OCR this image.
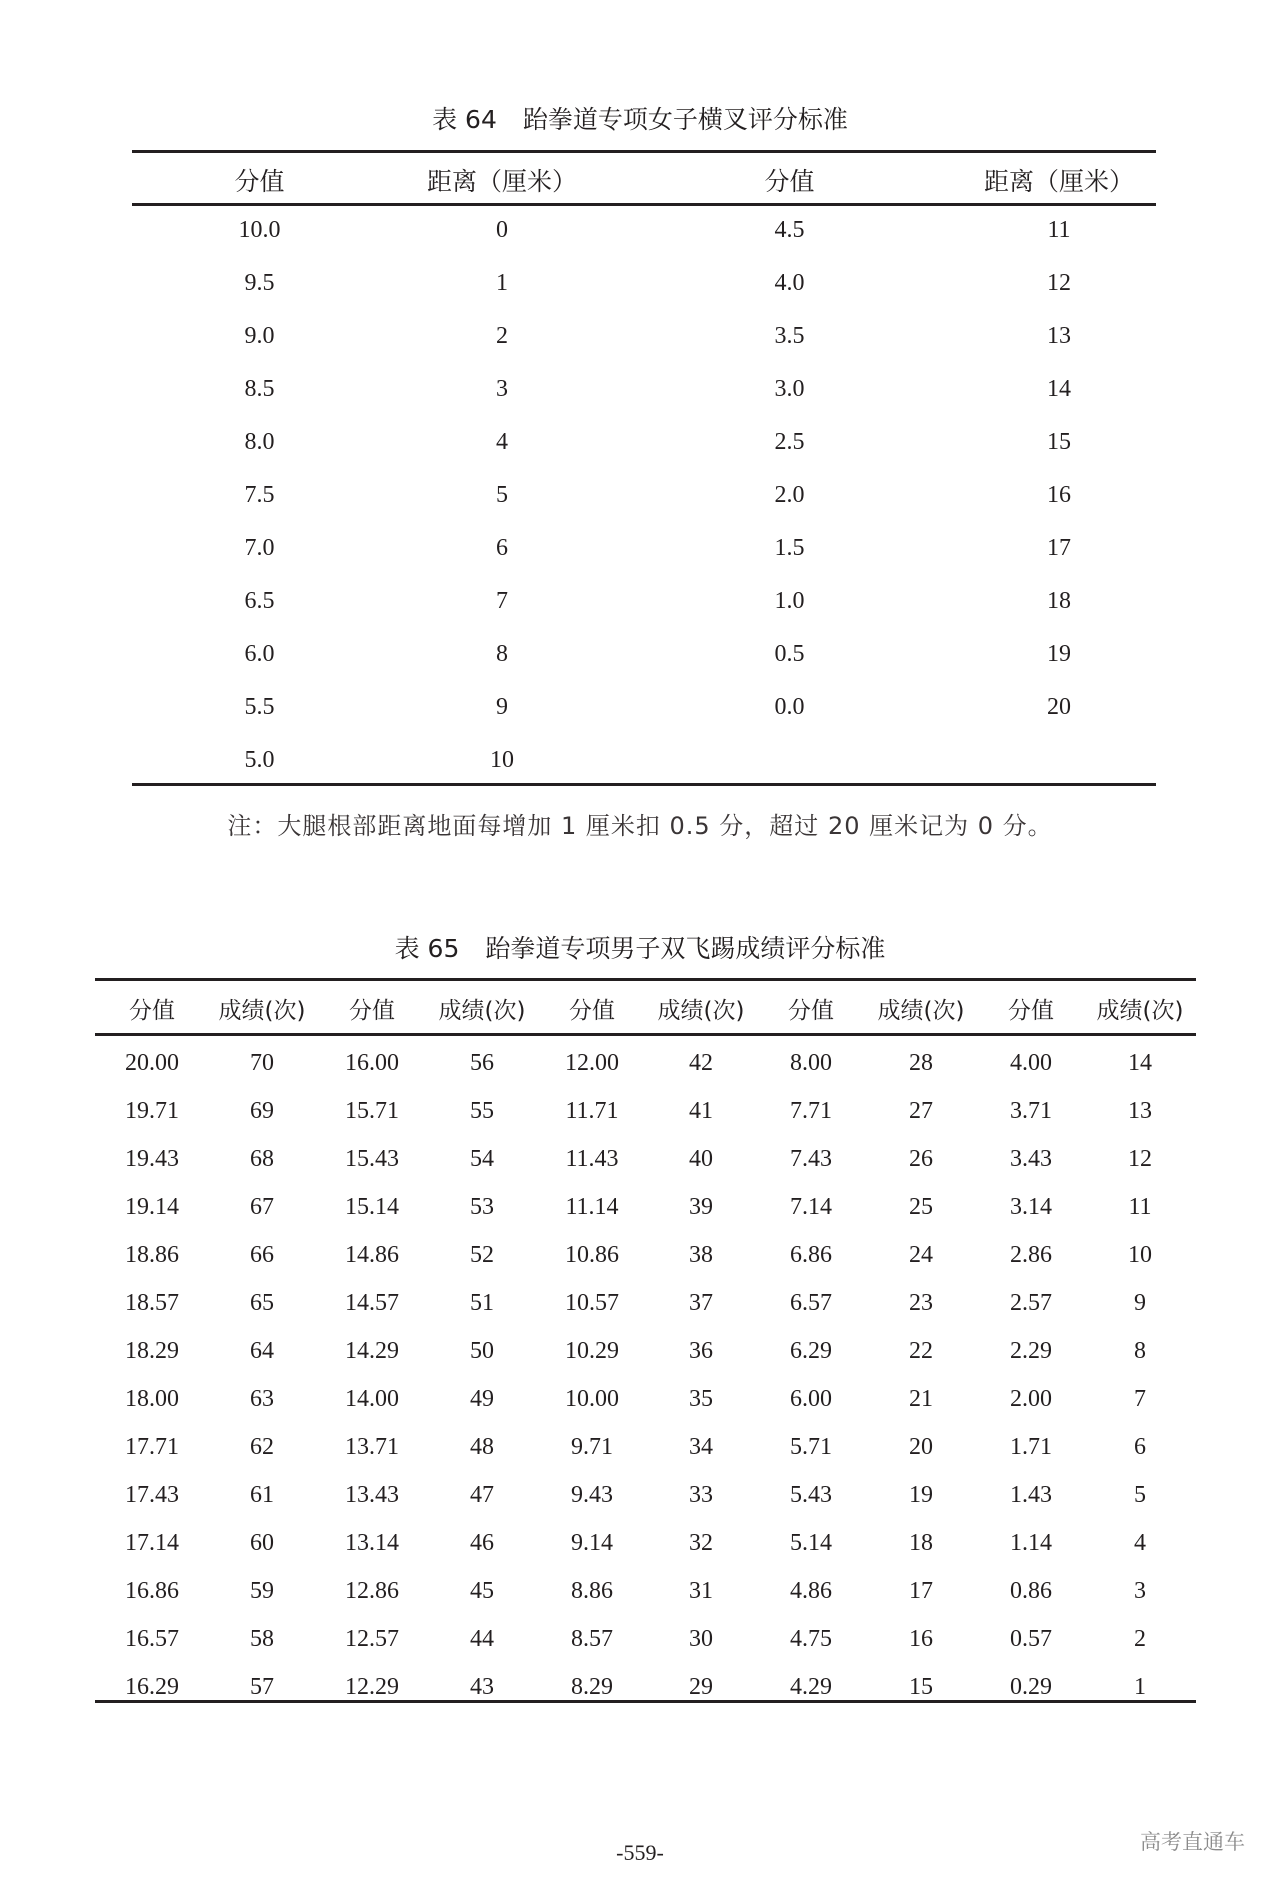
表 64 跆拳道专项女子横叉评分标准
分值	距离（厘米）	分值	距离（厘米）
10.0	0	4.5	11
9.5	1	4.0	12
9.0	2	3.5	13
8.5	3	3.0	14
8.0	4	2.5	15
7.5	5	2.0	16
7.0	6	1.5	17
6.5	7	1.0	18
6.0	8	0.5	19
5.5	9	0.0	20
5.0	10
注：大腿根部距离地面每增加 1 厘米扣 0.5 分，超过 20 厘米记为 0 分。
表 65 跆拳道专项男子双飞踢成绩评分标准
分值	成绩(次)	分值	成绩(次)	分值	成绩(次)	分值	成绩(次)	分值	成绩(次)
20.00	70	16.00	56	12.00	42	8.00	28	4.00	14
19.71	69	15.71	55	11.71	41	7.71	27	3.71	13
19.43	68	15.43	54	11.43	40	7.43	26	3.43	12
19.14	67	15.14	53	11.14	39	7.14	25	3.14	11
18.86	66	14.86	52	10.86	38	6.86	24	2.86	10
18.57	65	14.57	51	10.57	37	6.57	23	2.57	9
18.29	64	14.29	50	10.29	36	6.29	22	2.29	8
18.00	63	14.00	49	10.00	35	6.00	21	2.00	7
17.71	62	13.71	48	9.71	34	5.71	20	1.71	6
17.43	61	13.43	47	9.43	33	5.43	19	1.43	5
17.14	60	13.14	46	9.14	32	5.14	18	1.14	4
16.86	59	12.86	45	8.86	31	4.86	17	0.86	3
16.57	58	12.57	44	8.57	30	4.75	16	0.57	2
16.29	57	12.29	43	8.29	29	4.29	15	0.29	1
-559-	高考直通车
